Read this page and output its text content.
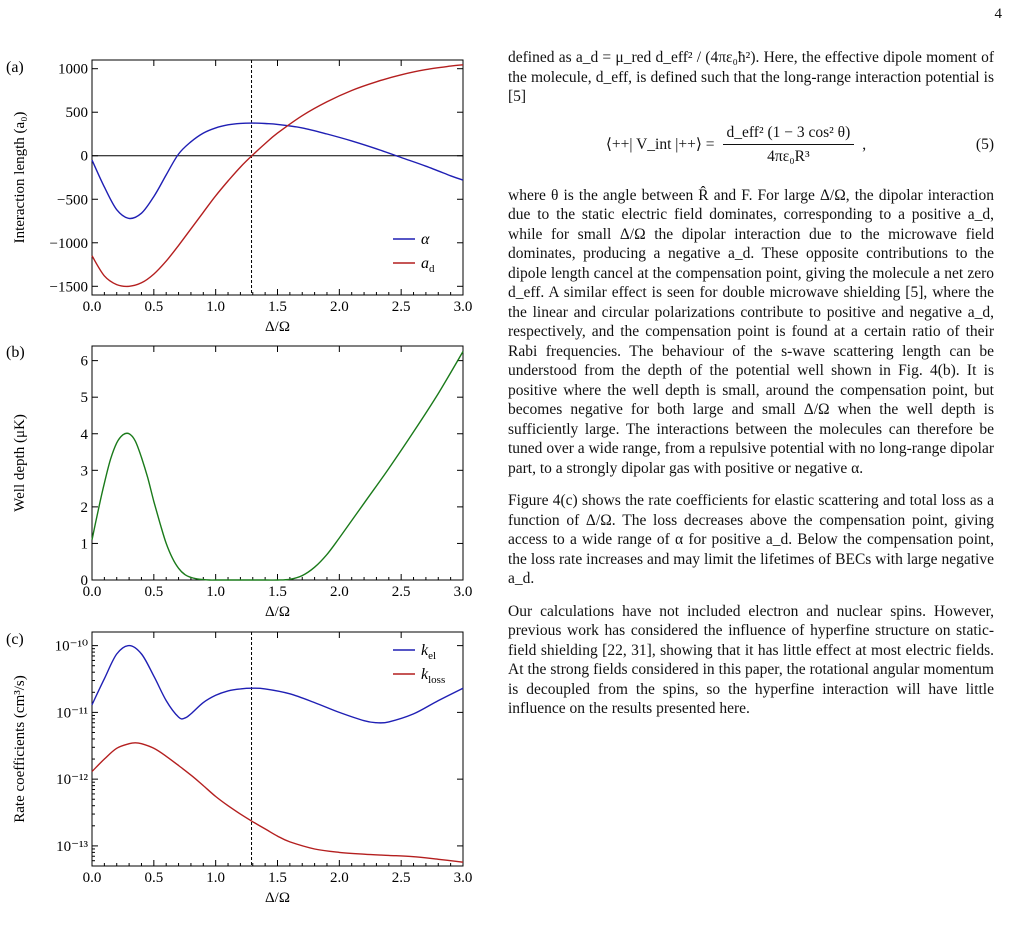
4
(a)
0.0	0.5	1.0	1.5	2.0	2.5	3.0
Δ/Ω
1000
500
0
−500
−1000
−1500
Interaction length (a₀)	α
$a_d$
(b)
0.0	0.5	1.0	1.5	2.0	2.5	3.0
Δ/Ω
6
5
4
3
2
1
0
Well depth (μK)
(c)
0.0	0.5	1.0	1.5	2.0	2.5	3.0
Δ/Ω
10⁻¹⁰
10⁻¹¹
10⁻¹²
10⁻¹³
Rate coefficients (cm³/s)
$k_{el}$
$k_{loss}$

defined as a_d = μ_red d_eff² / (4πε₀ħ²). Here, the effective dipole moment of the molecule, d_eff, is defined such that the long-range interaction potential is [5]

⟨++| V_int |++⟩ = $\frac{\text{d\_eff² (1 − 3 cos² θ)}}{\text{4πε₀R³}}$ ,	(5)

where θ is the angle between R̂ and F. For large Δ/Ω, the dipolar interaction due to the static electric field dominates, corresponding to a positive a_d, while for small Δ/Ω the dipolar interaction due to the microwave field dominates, producing a negative a_d. These opposite contributions to the dipole length cancel at the compensation point, giving the molecule a net zero d_eff. A similar effect is seen for double microwave shielding [5], where the the linear and circular polarizations contribute to positive and negative a_d, respectively, and the compensation point is found at a certain ratio of their Rabi frequencies. The behaviour of the s-wave scattering length can be understood from the depth of the potential well shown in Fig. 4(b). It is positive where the well depth is small, around the compensation point, but becomes negative for both large and small Δ/Ω when the well depth is sufficiently large. The interactions between the molecules can therefore be tuned over a wide range, from a repulsive potential with no long-range dipolar part, to a strongly dipolar gas with positive or negative α.

Figure 4(c) shows the rate coefficients for elastic scattering and total loss as a function of Δ/Ω. The loss decreases above the compensation point, giving access to a wide range of α for positive a_d. Below the compensation point, the loss rate increases and may limit the lifetimes of BECs with large negative a_d.

Our calculations have not included electron and nuclear spins. However, previous work has considered the influence of hyperfine structure on static-field shielding [22, 31], showing that it has little effect at most electric fields. At the strong fields considered in this paper, the rotational angular momentum is decoupled from the spins, so the hyperfine interaction will have little influence on the results presented here.
